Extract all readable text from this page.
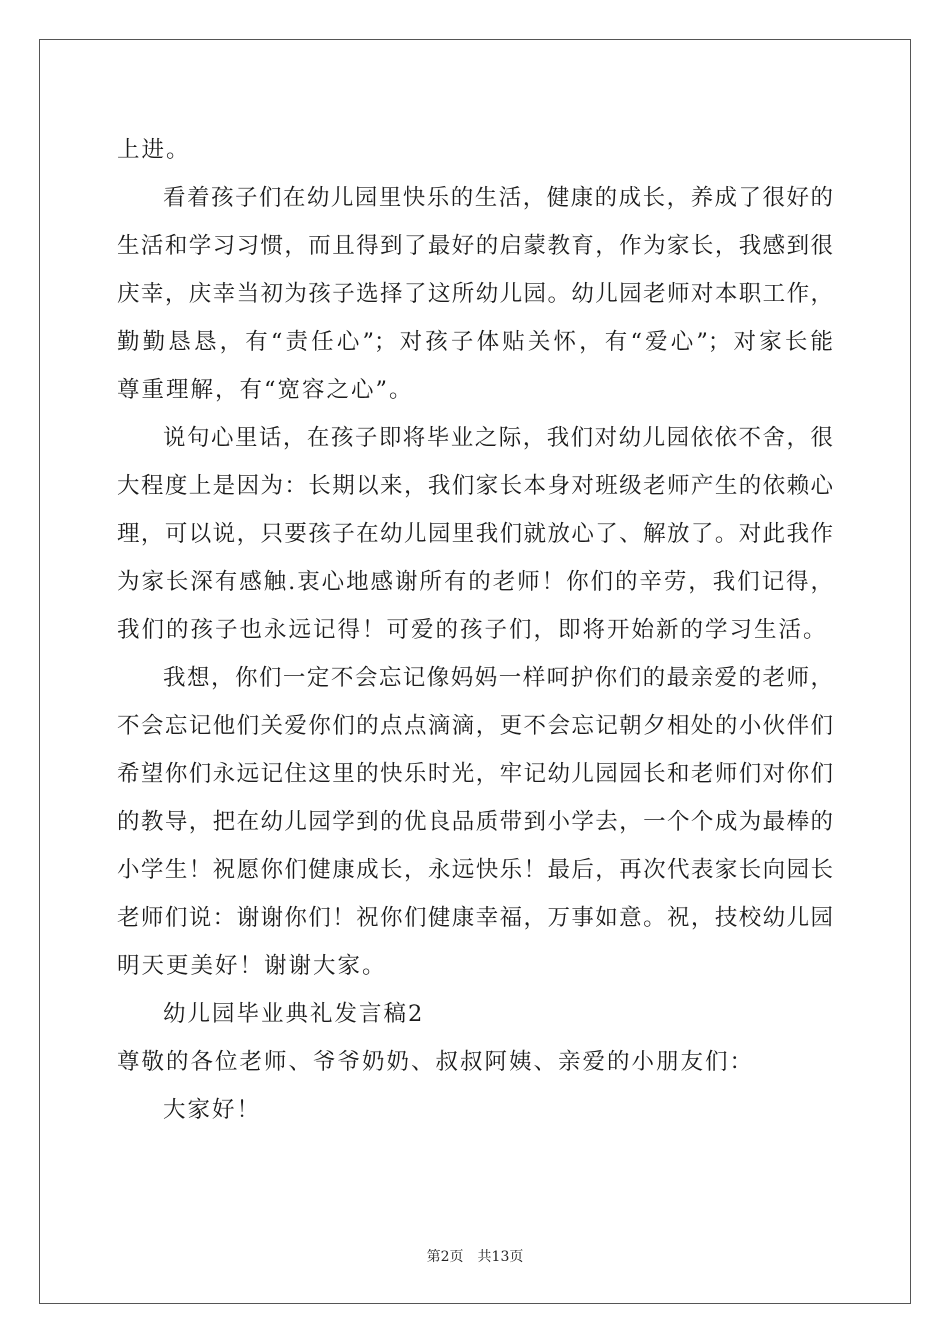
上进。
看着孩子们在幼儿园里快乐的生活，健康的成长，养成了很好的
生活和学习习惯，而且得到了最好的启蒙教育，作为家长，我感到很
庆幸，庆幸当初为孩子选择了这所幼儿园。幼儿园老师对本职工作，
勤勤恳恳，有“责任心”；对孩子体贴关怀，有“爱心”；对家长能
尊重理解，有“宽容之心”。
说句心里话，在孩子即将毕业之际，我们对幼儿园依依不舍，很
大程度上是因为：长期以来，我们家长本身对班级老师产生的依赖心
理，可以说，只要孩子在幼儿园里我们就放心了、解放了。对此我作
为家长深有感触.衷心地感谢所有的老师！你们的辛劳，我们记得，
我们的孩子也永远记得！可爱的孩子们，即将开始新的学习生活。
我想，你们一定不会忘记像妈妈一样呵护你们的最亲爱的老师，
不会忘记他们关爱你们的点点滴滴，更不会忘记朝夕相处的小伙伴们
希望你们永远记住这里的快乐时光，牢记幼儿园园长和老师们对你们
的教导，把在幼儿园学到的优良品质带到小学去，一个个成为最棒的
小学生！祝愿你们健康成长，永远快乐！最后，再次代表家长向园长
老师们说：谢谢你们！祝你们健康幸福，万事如意。祝，技校幼儿园
明天更美好！谢谢大家。
幼儿园毕业典礼发言稿2
尊敬的各位老师、爷爷奶奶、叔叔阿姨、亲爱的小朋友们：
大家好！
第2页　共13页
